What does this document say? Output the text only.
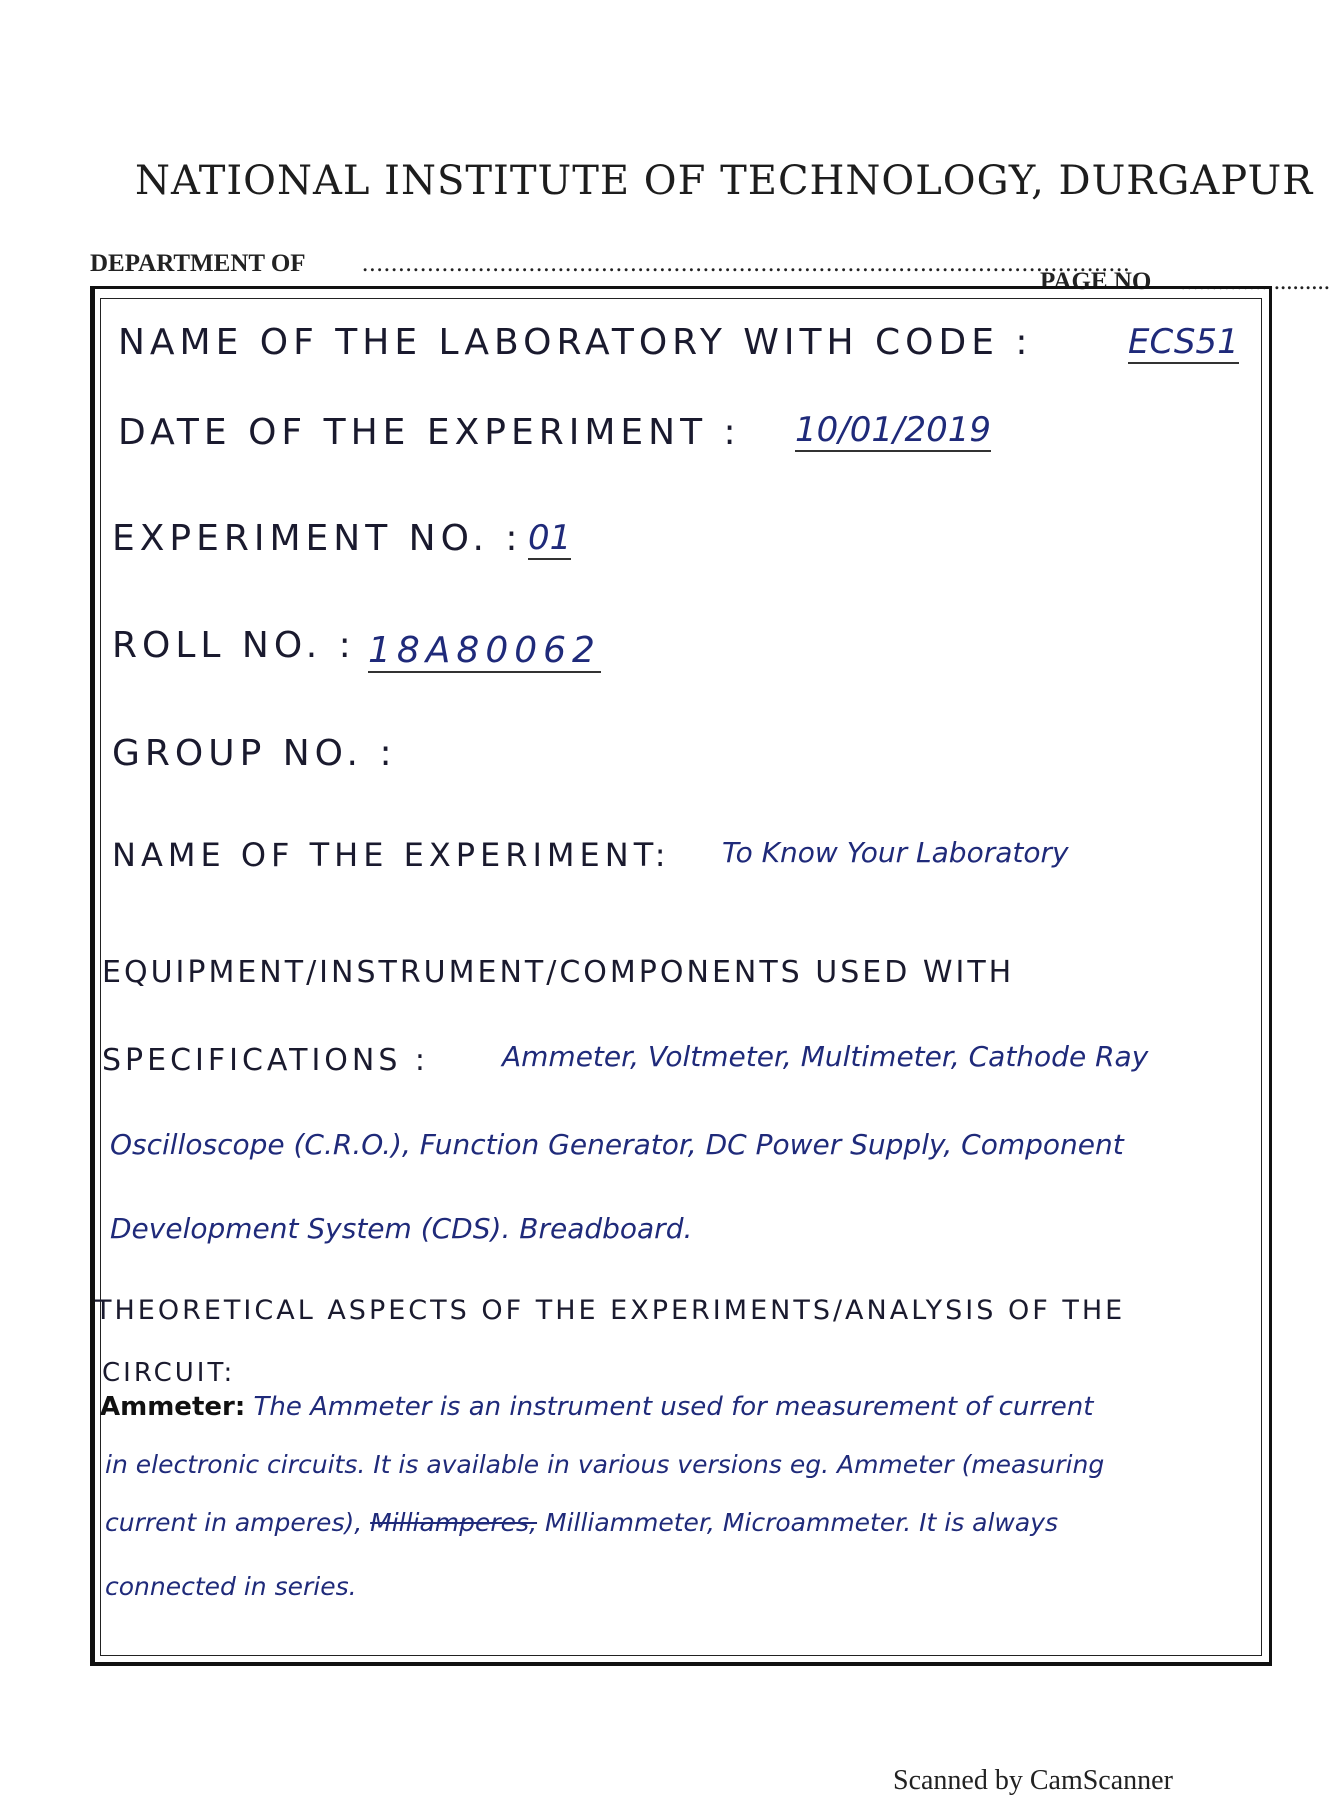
NATIONAL INSTITUTE OF TECHNOLOGY, DURGAPUR
DEPARTMENT OF ..........................................................................................................
PAGE NO ........................
NAME OF THE LABORATORY WITH CODE :	ECS51
DATE OF THE EXPERIMENT : 10/01/2019
EXPERIMENT NO. : 01
ROLL NO. : 18A80062
GROUP NO. :
NAME OF THE EXPERIMENT: To Know Your Laboratory
EQUIPMENT/INSTRUMENT/COMPONENTS USED WITH
SPECIFICATIONS :	Ammeter, Voltmeter, Multimeter, Cathode Ray
Oscilloscope (C.R.O.), Function Generator, DC Power Supply, Component
Development System (CDS). Breadboard.
THEORETICAL ASPECTS OF THE EXPERIMENTS/ANALYSIS OF THE
CIRCUIT:
Ammeter: The Ammeter is an instrument used for measurement of current
in electronic circuits. It is available in various versions eg. Ammeter (measuring
current in amperes), Milliamperes, Milliammeter, Microammeter. It is always
connected in series.
Scanned by CamScanner
